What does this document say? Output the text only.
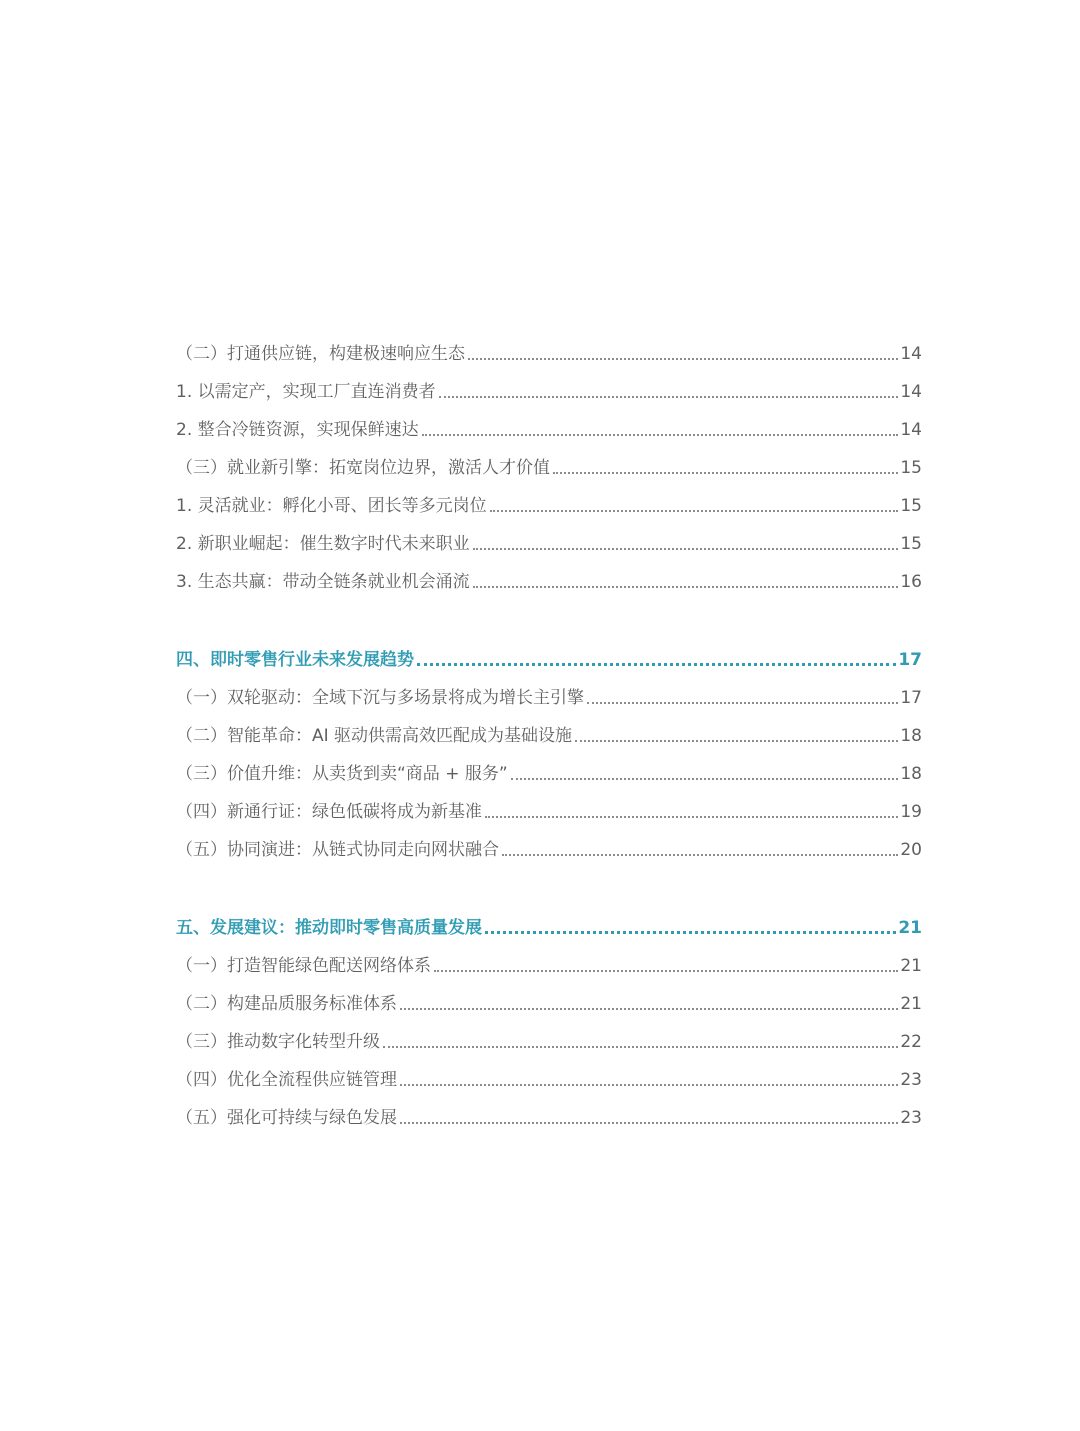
（二）打通供应链，构建极速响应生态	14
1. 以需定产，实现工厂直连消费者	14
2. 整合冷链资源，实现保鲜速达	14
（三）就业新引擎：拓宽岗位边界，激活人才价值	15
1. 灵活就业：孵化小哥、团长等多元岗位	15
2. 新职业崛起：催生数字时代未来职业	15
3. 生态共赢：带动全链条就业机会涌流	16
四、即时零售行业未来发展趋势	17
（一）双轮驱动：全域下沉与多场景将成为增长主引擎	17
（二）智能革命：AI 驱动供需高效匹配成为基础设施	18
（三）价值升维：从卖货到卖“商品 + 服务”	18
（四）新通行证：绿色低碳将成为新基准	19
（五）协同演进：从链式协同走向网状融合	20
五、发展建议：推动即时零售高质量发展	21
（一）打造智能绿色配送网络体系	21
（二）构建品质服务标准体系	21
（三）推动数字化转型升级	22
（四）优化全流程供应链管理	23
（五）强化可持续与绿色发展	23
